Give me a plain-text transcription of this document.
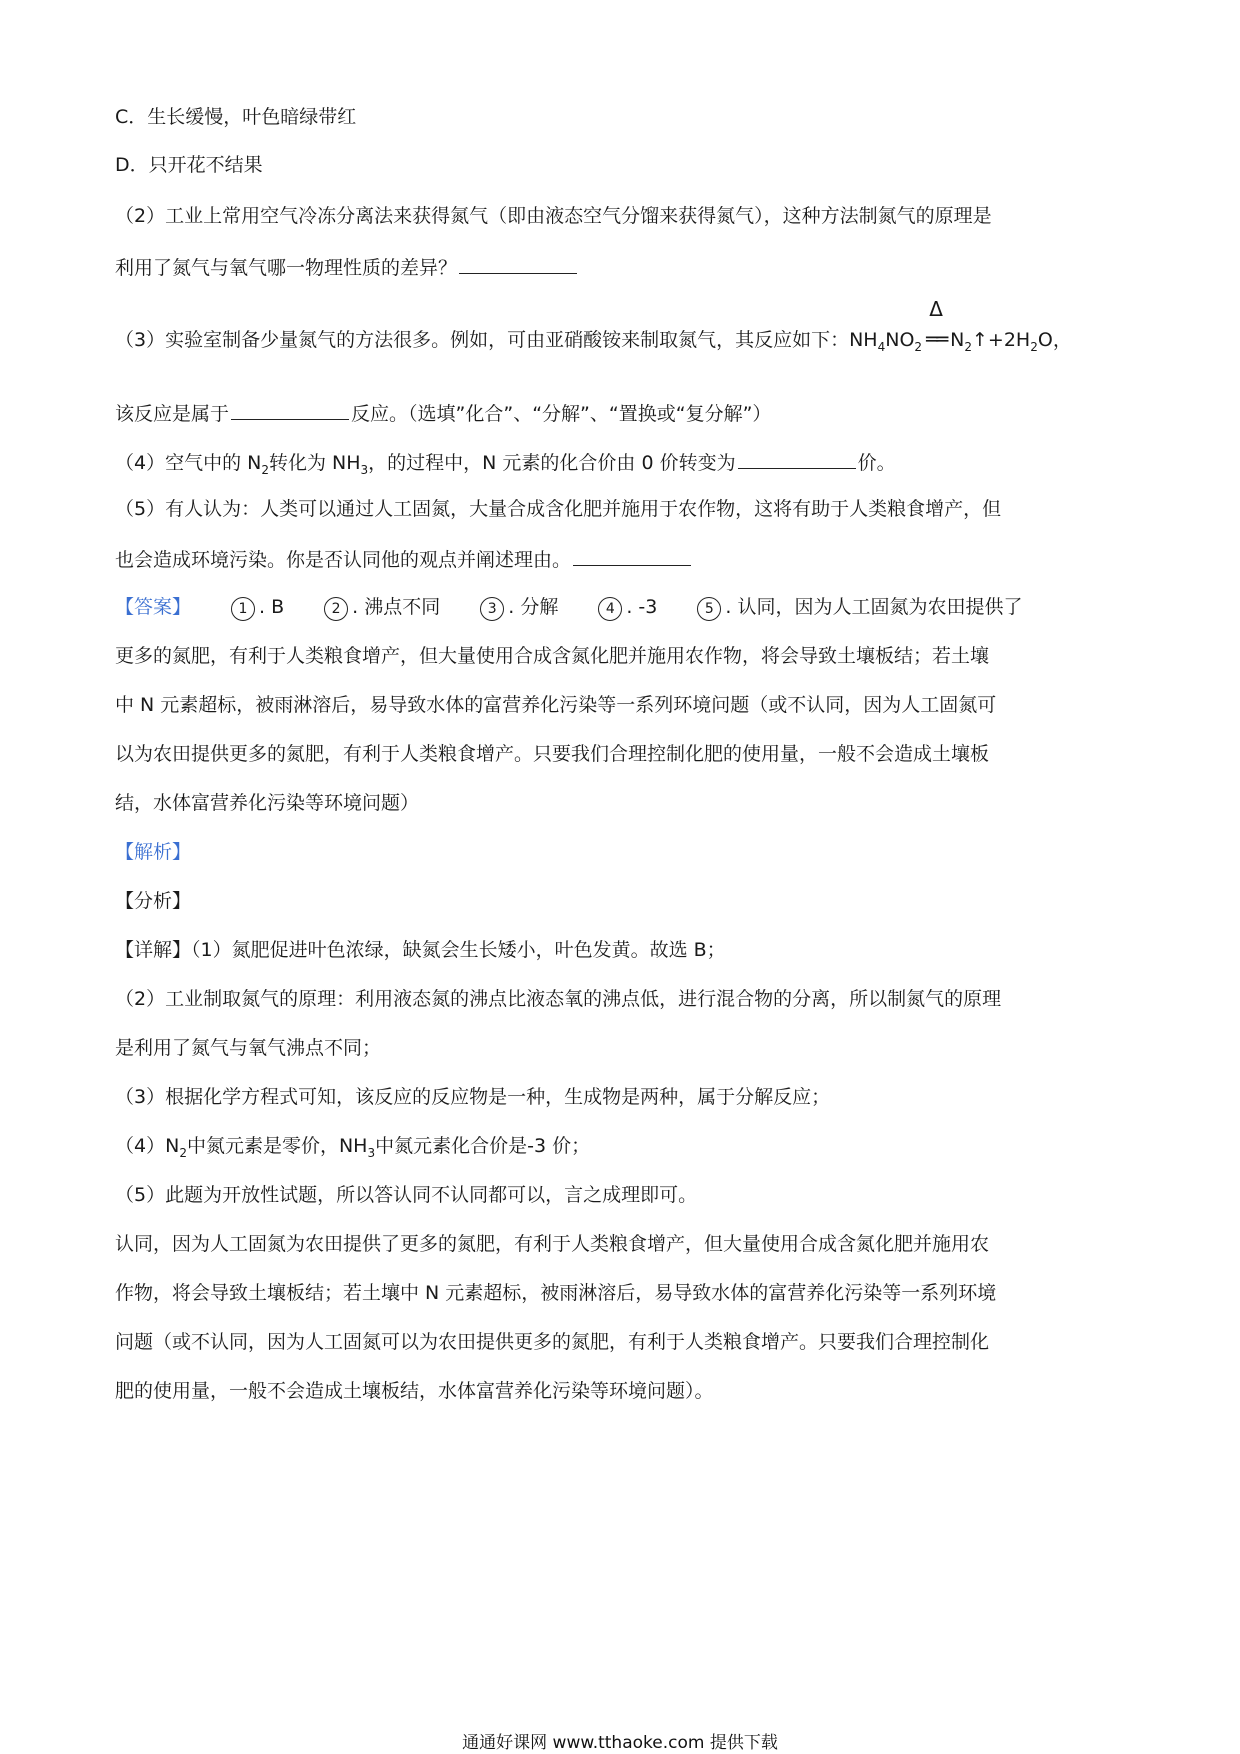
C．生长缓慢，叶色暗绿带红
D．只开花不结果
（2）工业上常用空气冷冻分离法来获得氮气（即由液态空气分馏来获得氮气），这种方法制氮气的原理是
利用了氮气与氧气哪一物理性质的差异？
（3）实验室制备少量氮气的方法很多。例如，可由亚硝酸铵来制取氮气，其反应如下：$NH_4NO_2$
Δ
══ $N_2↑+2H_2O$，
该反应是属于	反应。（选填”化合”、“分解”、“置换或“复分解”）
（4）空气中的 $N_2$转化为 $NH_3$，的过程中，N 元素的化合价由 0 价转变为	价。
（5）有人认为：人类可以通过人工固氮，大量合成含化肥并施用于农作物，这将有助于人类粮食增产，但
也会造成环境污染。你是否认同他的观点并阐述理由。
【答案】	1 . B	2 . 沸点不同	3 . 分解	4 . -3	5 . 认同，因为人工固氮为农田提供了
更多的氮肥，有利于人类粮食增产，但大量使用合成含氮化肥并施用农作物，将会导致土壤板结；若土壤
中 N 元素超标，被雨淋溶后，易导致水体的富营养化污染等一系列环境问题（或不认同，因为人工固氮可
以为农田提供更多的氮肥，有利于人类粮食增产。只要我们合理控制化肥的使用量，一般不会造成土壤板
结，水体富营养化污染等环境问题）
【解析】
【分析】
【详解】（1）氮肥促进叶色浓绿，缺氮会生长矮小，叶色发黄。故选 B；
（2）工业制取氮气的原理：利用液态氮的沸点比液态氧的沸点低，进行混合物的分离，所以制氮气的原理
是利用了氮气与氧气沸点不同；
（3）根据化学方程式可知，该反应的反应物是一种，生成物是两种，属于分解反应；
$(4)N_2$中氮元素是零价，$NH_3$中氮元素化合价是-3 价；
（5）此题为开放性试题，所以答认同不认同都可以，言之成理即可。
认同，因为人工固氮为农田提供了更多的氮肥，有利于人类粮食增产，但大量使用合成含氮化肥并施用农
作物，将会导致土壤板结；若土壤中 N 元素超标，被雨淋溶后，易导致水体的富营养化污染等一系列环境
问题（或不认同，因为人工固氮可以为农田提供更多的氮肥，有利于人类粮食增产。只要我们合理控制化
肥的使用量，一般不会造成土壤板结，水体富营养化污染等环境问题）。
通通好课网 www.tthaoke.com 提供下载
